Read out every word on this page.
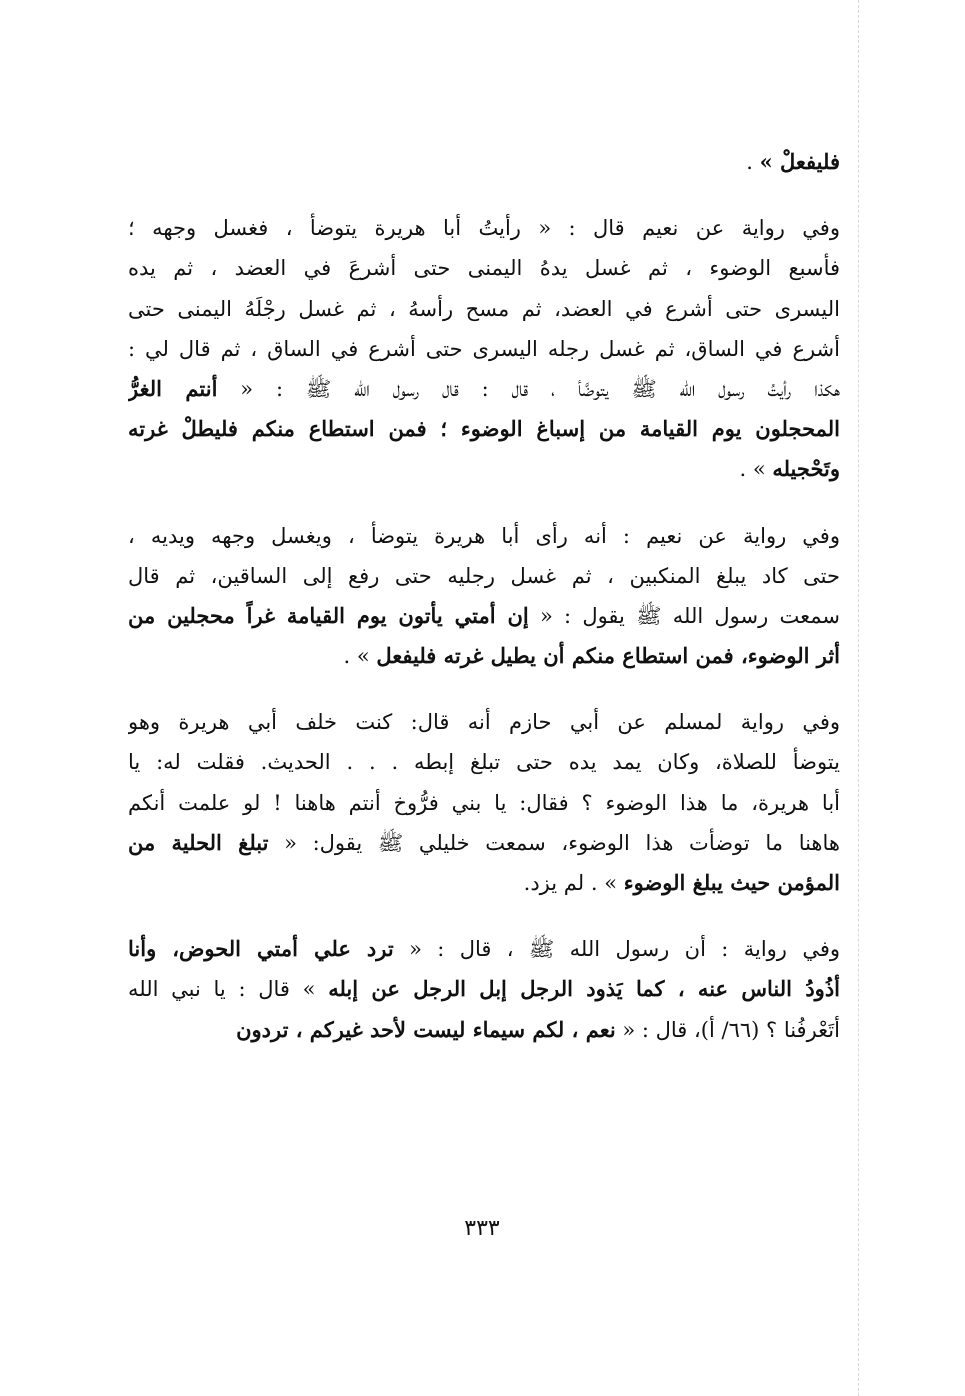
فليفعلْ » .

وفي رواية عن نعيم قال : « رأيتُ أبا هريرة يتوضأ ، فغسل وجهه ؛
فأسبع الوضوء ، ثم غسل يدهُ اليمنى حتى أشرعَ في العضد ، ثم يده
اليسرى حتى أشرع في العضد، ثم مسح رأسهُ ، ثم غسل رجْلَهُ اليمنى حتى
أشرع في الساق، ثم غسل رجله اليسرى حتى أشرع في الساق ، ثم قال لي :
هكذا رأيتُ رسول الله ﷺ يتوضَّأ ، قال : قال رسول الله ﷺ : « أنتم الغرُّ
المحجلون يوم القيامة من إسباغ الوضوء ؛ فمن استطاع منكم فليطلْ غرته
وتَحْجيله » .

وفي رواية عن نعيم : أنه رأى أبا هريرة يتوضأ ، ويغسل وجهه ويديه ،
حتى كاد يبلغ المنكبين ، ثم غسل رجليه حتى رفع إلى الساقين، ثم قال
سمعت رسول الله ﷺ يقول : « إن أمتي يأتون يوم القيامة غراً محجلين من
أثر الوضوء، فمن استطاع منكم أن يطيل غرته فليفعل » .

وفي رواية لمسلم عن أبي حازم أنه قال: كنت خلف أبي هريرة وهو
يتوضأ للصلاة، وكان يمد يده حتى تبلغ إبطه . . . الحديث. فقلت له: يا
أبا هريرة، ما هذا الوضوء ؟ فقال: يا بني فرُّوخ أنتم هاهنا ! لو علمت أنكم
هاهنا ما توضأت هذا الوضوء، سمعت خليلي ﷺ يقول: « تبلغ الحلية من
المؤمن حيث يبلغ الوضوء » . لم يزد.

وفي رواية : أن رسول الله ﷺ ، قال : « ترد علي أمتي الحوض، وأنا
أذُودُ الناس عنه ، كما يَذود الرجل إبل الرجل عن إبله » قال : يا نبي الله
أتَعْرفُنا ؟ (٦٦/ أ)، قال : « نعم ، لكم سيماء ليست لأحد غيركم ، تردون

٣٣٣
